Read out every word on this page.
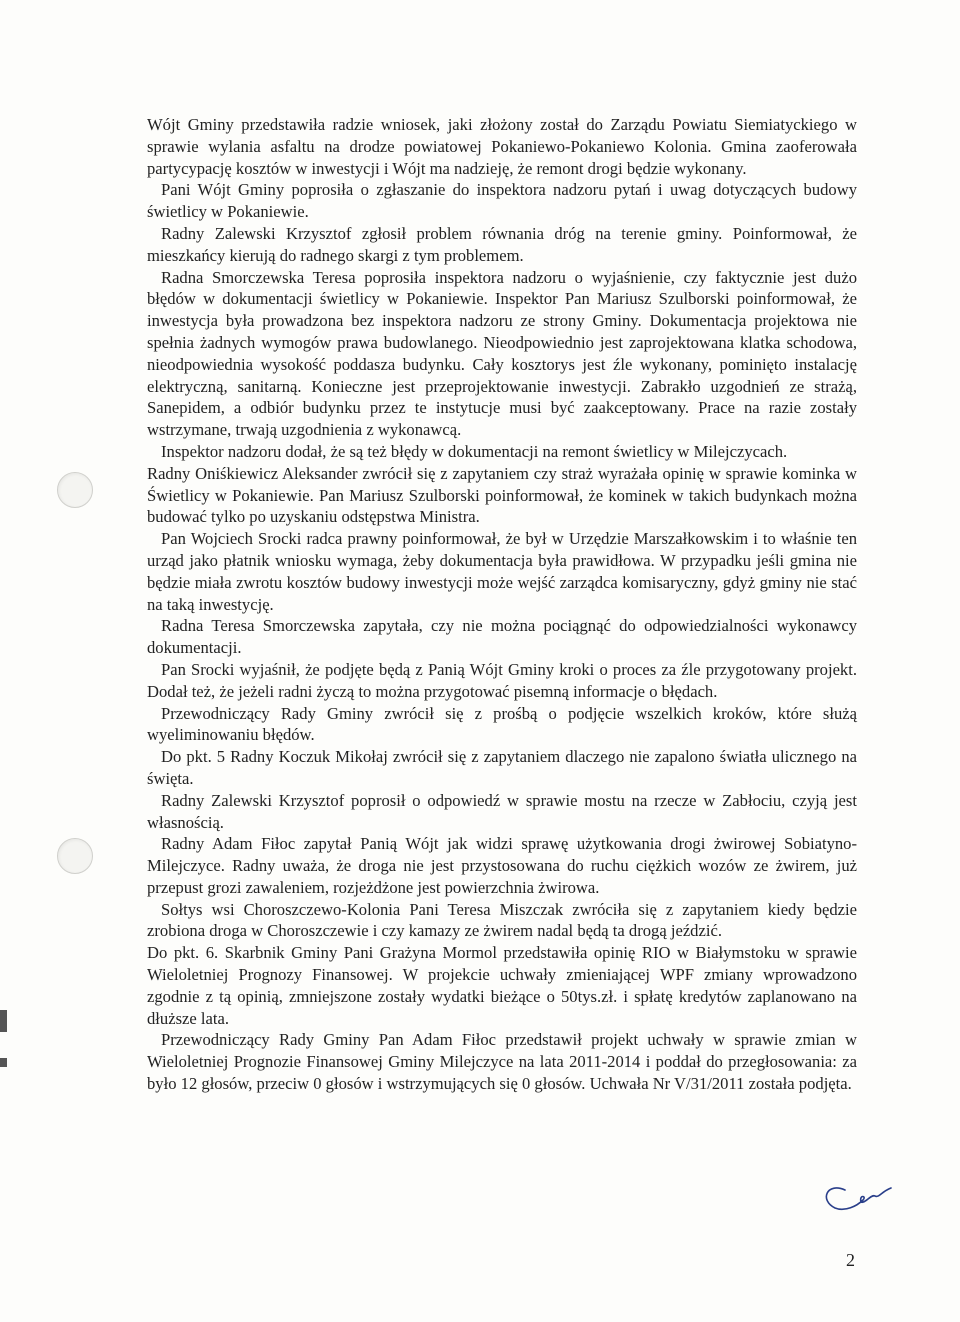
Wójt Gminy przedstawiła radzie wniosek, jaki złożony został do Zarządu Powiatu Siemiatyckiego w sprawie wylania asfaltu na drodze powiatowej Pokaniewo-Pokaniewo Kolonia. Gmina zaoferowała partycypację kosztów w inwestycji i Wójt ma nadzieję, że remont drogi będzie wykonany.

Pani Wójt Gminy poprosiła o zgłaszanie do inspektora nadzoru pytań i uwag dotyczących budowy świetlicy w Pokaniewie.

Radny Zalewski Krzysztof zgłosił problem równania dróg na terenie gminy. Poinformował, że mieszkańcy kierują do radnego skargi z tym problemem.

Radna Smorczewska Teresa poprosiła inspektora nadzoru o wyjaśnienie, czy faktycznie jest dużo błędów w dokumentacji świetlicy w Pokaniewie. Inspektor Pan Mariusz Szulborski poinformował, że inwestycja była prowadzona bez inspektora nadzoru ze strony Gminy. Dokumentacja projektowa nie spełnia żadnych wymogów prawa budowlanego. Nieodpowiednio jest zaprojektowana klatka schodowa, nieodpowiednia wysokość poddasza budynku. Cały kosztorys jest źle wykonany, pominięto instalację elektryczną, sanitarną. Konieczne jest przeprojektowanie inwestycji. Zabrakło uzgodnień ze strażą, Sanepidem, a odbiór budynku przez te instytucje musi być zaakceptowany. Prace na razie zostały wstrzymane, trwają uzgodnienia z wykonawcą.

Inspektor nadzoru dodał, że są też błędy w dokumentacji na remont świetlicy w Milejczycach.

Radny Oniśkiewicz Aleksander zwrócił się z zapytaniem czy straż wyrażała opinię w sprawie kominka w Świetlicy w Pokaniewie. Pan Mariusz Szulborski poinformował, że kominek w takich budynkach można budować tylko po uzyskaniu odstępstwa Ministra.

Pan Wojciech Srocki radca prawny poinformował, że był w Urzędzie Marszałkowskim i to właśnie ten urząd jako płatnik wniosku wymaga, żeby dokumentacja była prawidłowa. W przypadku jeśli gmina nie będzie miała zwrotu kosztów budowy inwestycji może wejść zarządca komisaryczny, gdyż gminy nie stać na taką inwestycję.

Radna Teresa Smorczewska zapytała, czy nie można pociągnąć do odpowiedzialności wykonawcy dokumentacji.

Pan Srocki wyjaśnił, że podjęte będą z Panią Wójt Gminy kroki o proces za źle przygotowany projekt. Dodał też, że jeżeli radni życzą to można przygotować pisemną informacje o błędach.

Przewodniczący Rady Gminy zwrócił się z prośbą o podjęcie wszelkich kroków, które służą wyeliminowaniu błędów.

Do pkt. 5 Radny Koczuk Mikołaj zwrócił się z zapytaniem dlaczego nie zapalono światła ulicznego na święta.

Radny Zalewski Krzysztof poprosił o odpowiedź w sprawie mostu na rzecze w Zabłociu, czyją jest własnością.

Radny Adam Fiłoc zapytał Panią Wójt jak widzi sprawę użytkowania drogi żwirowej Sobiatyno-Milejczyce. Radny uważa, że droga nie jest przystosowana do ruchu ciężkich wozów ze żwirem, już przepust grozi zawaleniem, rozjeżdżone jest powierzchnia żwirowa.

Sołtys wsi Choroszczewo-Kolonia Pani Teresa Miszczak zwróciła się z zapytaniem kiedy będzie zrobiona droga w Choroszczewie i czy kamazy ze żwirem nadal będą ta drogą jeździć.

Do pkt. 6. Skarbnik Gminy Pani Grażyna Mormol przedstawiła opinię RIO w Białymstoku w sprawie Wieloletniej Prognozy Finansowej. W projekcie uchwały zmieniającej WPF zmiany wprowadzono zgodnie z tą opinią, zmniejszone zostały wydatki bieżące o 50tys.zł. i spłatę kredytów zaplanowano na dłuższe lata.

Przewodniczący Rady Gminy Pan Adam Fiłoc przedstawił projekt uchwały w sprawie zmian w Wieloletniej Prognozie Finansowej Gminy Milejczyce na lata 2011-2014 i poddał do przegłosowania: za było 12 głosów, przeciw 0 głosów i wstrzymujących się 0 głosów. Uchwała Nr V/31/2011 została podjęta.

2
